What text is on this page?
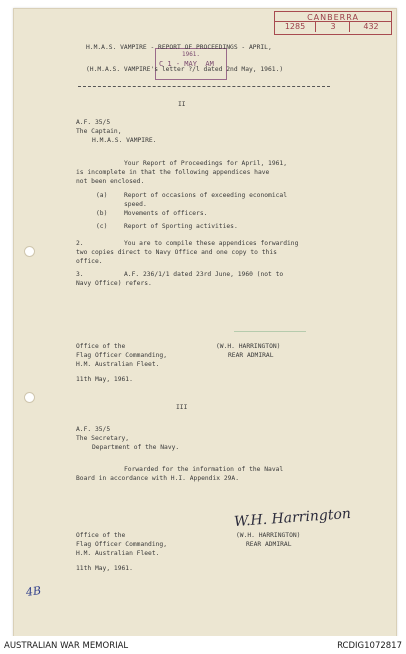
CANBERRA
1285	3	432
1961.
C 1 - MAY  AM
H.M.A.S. VAMPIRE - REPORT OF PROCEEDINGS - APRIL,
(H.M.A.S. VAMPIRE's letter ?/l dated 2nd May, 1961.)
II
A.F. 35/5
The Captain,
H.M.A.S. VAMPIRE.
Your Report of Proceedings for April, 1961,
is incomplete in that the following appendices have
not been enclosed.
(a)	Report of occasions of exceeding economical
speed.
(b)	Movements of officers.
(c)	Report of Sporting activities.
2.	You are to compile these appendices forwarding
two copies direct to Navy Office and one copy to this
office.
3.	A.F. 236/1/1 dated 23rd June, 1960 (not to
Navy Office) refers.
Office of the
Flag Officer Commanding,
H.M. Australian Fleet.
(W.H. HARRINGTON)
REAR ADMIRAL
11th May, 1961.
III
A.F. 35/5
The Secretary,
Department of the Navy.
Forwarded for the information of the Naval
Board in accordance with H.I. Appendix 29A.
W.H. Harrington
Office of the
Flag Officer Commanding,
H.M. Australian Fleet.
(W.H. HARRINGTON)
REAR ADMIRAL
11th May, 1961.
4B
AUSTRALIAN WAR MEMORIAL	RCDIG1072817
